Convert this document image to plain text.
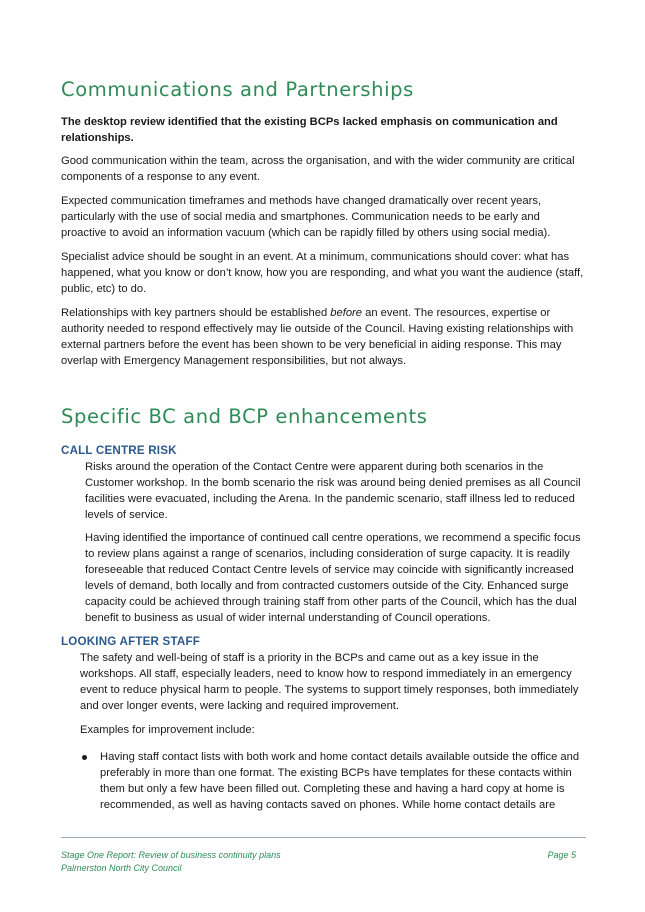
Communications and Partnerships

The desktop review identified that the existing BCPs lacked emphasis on communication and relationships.

Good communication within the team, across the organisation, and with the wider community are critical components of a response to any event.

Expected communication timeframes and methods have changed dramatically over recent years, particularly with the use of social media and smartphones. Communication needs to be early and proactive to avoid an information vacuum (which can be rapidly filled by others using social media).

Specialist advice should be sought in an event. At a minimum, communications should cover: what has happened, what you know or don’t know, how you are responding, and what you want the audience (staff, public, etc) to do.

Relationships with key partners should be established before an event. The resources, expertise or authority needed to respond effectively may lie outside of the Council. Having existing relationships with external partners before the event has been shown to be very beneficial in aiding response. This may overlap with Emergency Management responsibilities, but not always.

Specific BC and BCP enhancements
CALL CENTRE RISK

Risks around the operation of the Contact Centre were apparent during both scenarios in the Customer workshop. In the bomb scenario the risk was around being denied premises as all Council facilities were evacuated, including the Arena. In the pandemic scenario, staff illness led to reduced levels of service.

Having identified the importance of continued call centre operations, we recommend a specific focus to review plans against a range of scenarios, including consideration of surge capacity. It is readily foreseeable that reduced Contact Centre levels of service may coincide with significantly increased levels of demand, both locally and from contracted customers outside of the City. Enhanced surge capacity could be achieved through training staff from other parts of the Council, which has the dual benefit to business as usual of wider internal understanding of Council operations.

LOOKING AFTER STAFF

The safety and well-being of staff is a priority in the BCPs and came out as a key issue in the workshops. All staff, especially leaders, need to know how to respond immediately in an emergency event to reduce physical harm to people. The systems to support timely responses, both immediately and over longer events, were lacking and required improvement.

Examples for improvement include:

Having staff contact lists with both work and home contact details available outside the office and preferably in more than one format. The existing BCPs have templates for these contacts within them but only a few have been filled out. Completing these and having a hard copy at home is recommended, as well as having contacts saved on phones. While home contact details are

Stage One Report: Review of business continuity plans
Palmerston North City Council
Page 5
